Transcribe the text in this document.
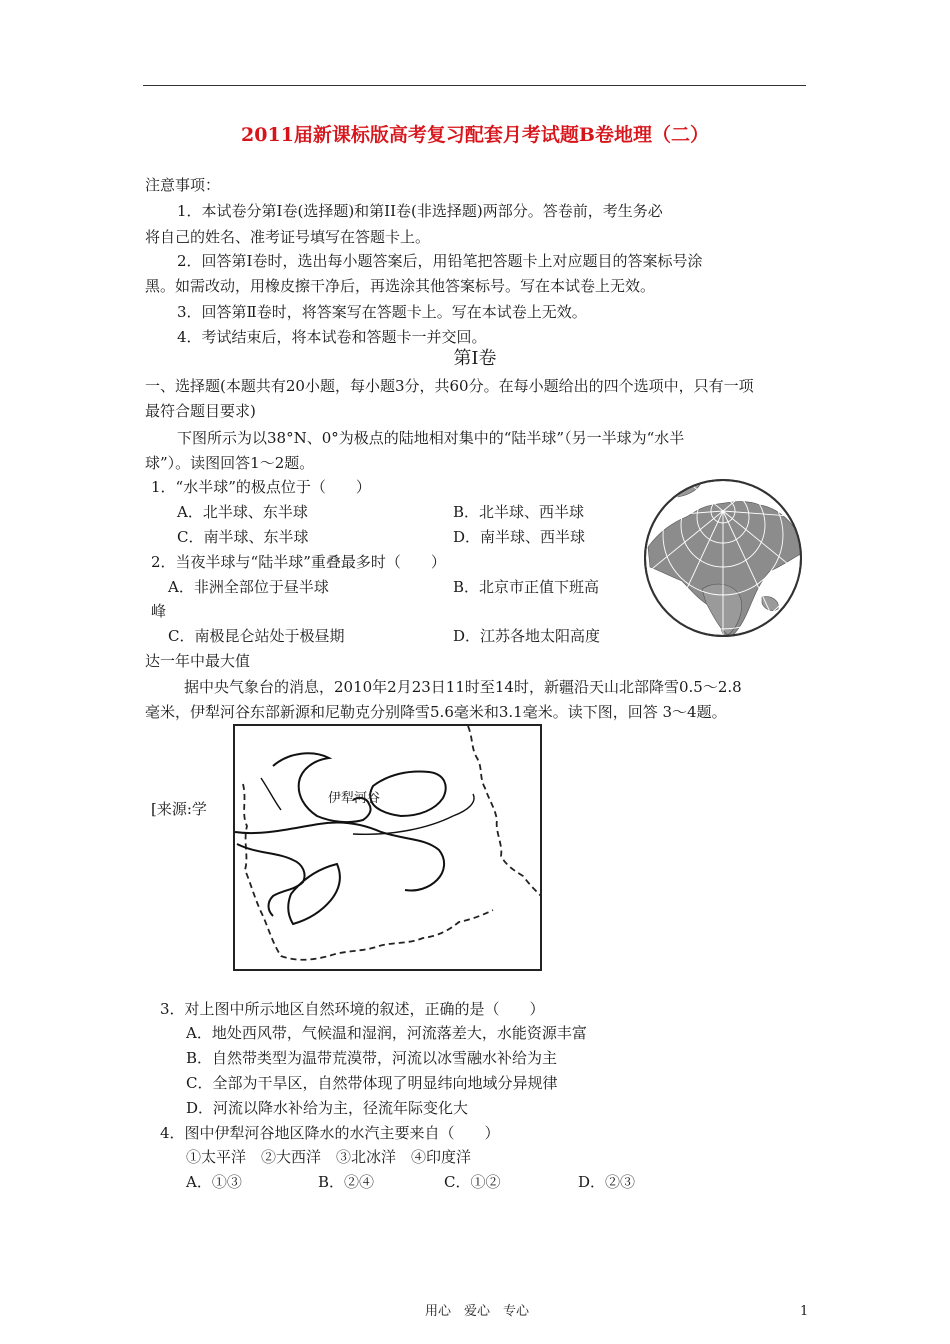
2011届新课标版高考复习配套月考试题B卷地理（二）
注意事项：
1．本试卷分第I卷(选择题)和第II卷(非选择题)两部分。答卷前，考生务必
将自己的姓名、准考证号填写在答题卡上。
2．回答第I卷时，选出每小题答案后，用铅笔把答题卡上对应题目的答案标号涂
黑。如需改动，用橡皮擦干净后，再选涂其他答案标号。写在本试卷上无效。
3．回答第Ⅱ卷时，将答案写在答题卡上。写在本试卷上无效。
4．考试结束后，将本试卷和答题卡一并交回。
第I卷
一、选择题(本题共有20小题，每小题3分，共60分。在每小题给出的四个选项中，只有一项
最符合题目要求)
下图所示为以38°N、0°为极点的陆地相对集中的“陆半球”（另一半球为“水半
球”）。读图回答1～2题。
1．“水半球”的极点位于（　　）
A．北半球、东半球	B．北半球、西半球
C．南半球、东半球	D．南半球、西半球
2．当夜半球与“陆半球”重叠最多时（　　）
A．非洲全部位于昼半球	B．北京市正值下班高
峰
C．南极昆仑站处于极昼期	D．江苏各地太阳高度
达一年中最大值
据中央气象台的消息，2010年2月23日11时至14时，新疆沿天山北部降雪0.5～2.8
毫米，伊犁河谷东部新源和尼勒克分别降雪5.6毫米和3.1毫米。读下图，回答 3～4题。
[来源:学
伊犁河谷
3．对上图中所示地区自然环境的叙述，正确的是（　　）
A．地处西风带，气候温和湿润，河流落差大，水能资源丰富
B．自然带类型为温带荒漠带，河流以冰雪融水补给为主
C．全部为干旱区，自然带体现了明显纬向地域分异规律
D．河流以降水补给为主，径流年际变化大
4．图中伊犁河谷地区降水的水汽主要来自（　　）
①太平洋　②大西洋　③北冰洋　④印度洋
A．①③	B．②④	C．①②	D．②③
用心　爱心　专心	1
